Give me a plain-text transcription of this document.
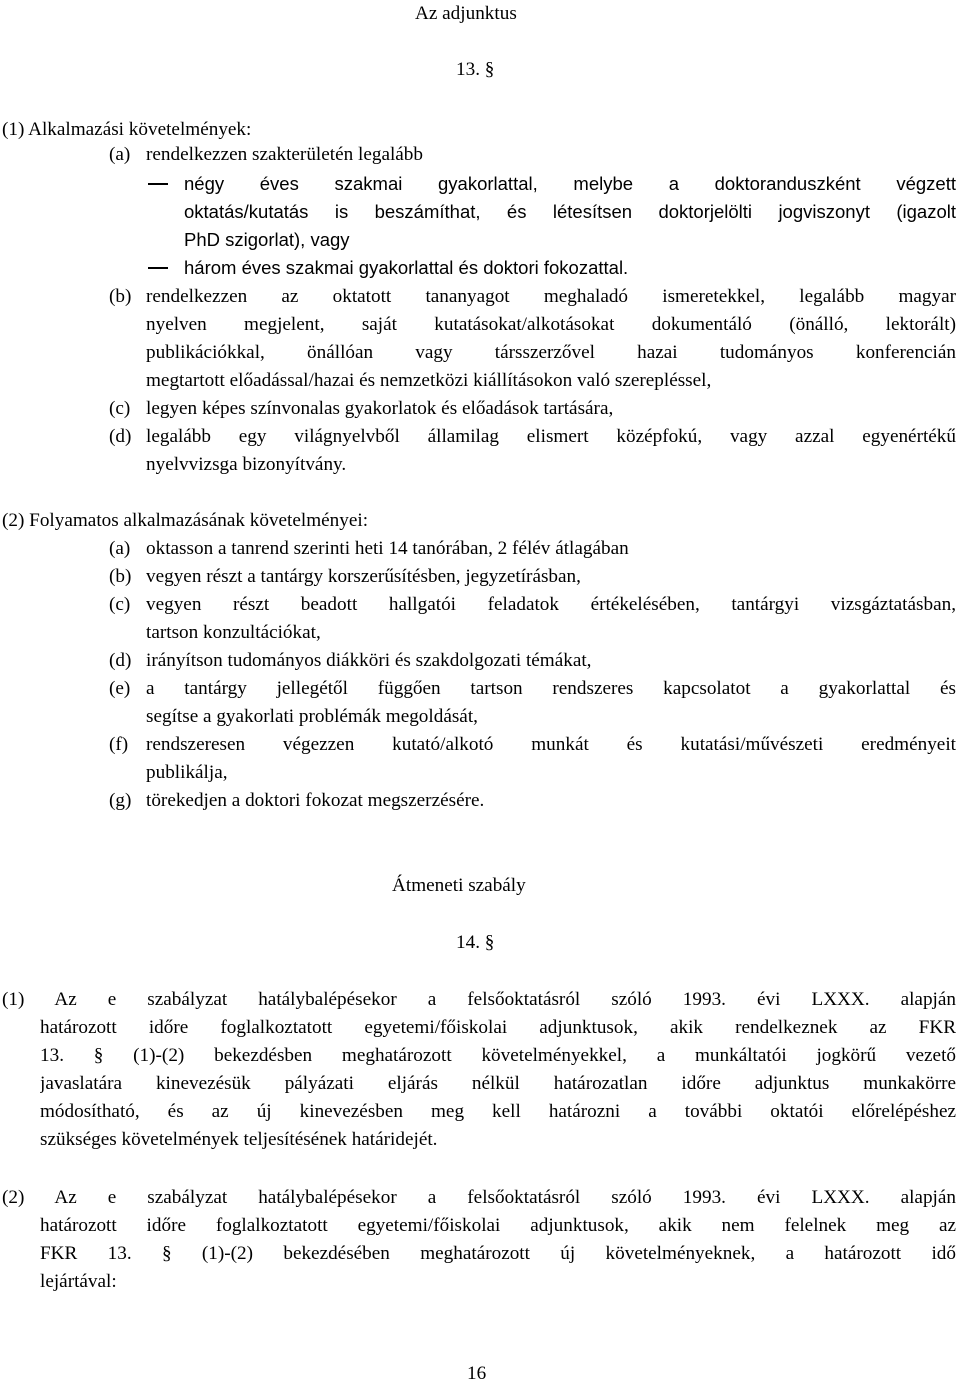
Az adjunktus
13. §
(1) Alkalmazási követelmények:
(a) rendelkezzen szakterületén legalább
négy éves szakmai gyakorlattal, melybe a doktoranduszként végzett
oktatás/kutatás is beszámíthat, és létesítsen doktorjelölti jogviszonyt (igazolt
PhD szigorlat), vagy
három éves szakmai gyakorlattal és doktori fokozattal.
(b) rendelkezzen az oktatott tananyagot meghaladó ismeretekkel, legalább magyar
nyelven megjelent, saját kutatásokat/alkotásokat dokumentáló (önálló, lektorált)
publikációkkal, önállóan vagy társszerzővel hazai tudományos konferencián
megtartott előadással/hazai és nemzetközi kiállításokon való szerepléssel,
(c) legyen képes színvonalas gyakorlatok és előadások tartására,
(d) legalább egy világnyelvből államilag elismert középfokú, vagy azzal egyenértékű
nyelvvizsga bizonyítvány.
(2) Folyamatos alkalmazásának követelményei:
(a) oktasson a tanrend szerinti heti 14 tanórában, 2 félév átlagában
(b) vegyen részt a tantárgy korszerűsítésben, jegyzetírásban,
(c) vegyen részt beadott hallgatói feladatok értékelésében, tantárgyi vizsgáztatásban,
tartson konzultációkat,
(d) irányítson tudományos diákköri és szakdolgozati témákat,
(e) a tantárgy jellegétől függően tartson rendszeres kapcsolatot a gyakorlattal és
segítse a gyakorlati problémák megoldását,
(f) rendszeresen végezzen kutató/alkotó munkát és kutatási/művészeti eredményeit
publikálja,
(g) törekedjen a doktori fokozat megszerzésére.
Átmeneti szabály
14. §
(1) Az e szabályzat hatálybalépésekor a felsőoktatásról szóló 1993. évi LXXX. alapján
határozott időre foglalkoztatott egyetemi/főiskolai adjunktusok, akik rendelkeznek az FKR
13. § (1)-(2) bekezdésben meghatározott követelményekkel, a munkáltatói jogkörű vezető
javaslatára kinevezésük pályázati eljárás nélkül határozatlan időre adjunktus munkakörre
módosítható, és az új kinevezésben meg kell határozni a további oktatói előrelépéshez
szükséges követelmények teljesítésének határidejét.
(2) Az e szabályzat hatálybalépésekor a felsőoktatásról szóló 1993. évi LXXX. alapján
határozott időre foglalkoztatott egyetemi/főiskolai adjunktusok, akik nem felelnek meg az
FKR 13. § (1)-(2) bekezdésében meghatározott új követelményeknek, a határozott idő
lejártával:
16
